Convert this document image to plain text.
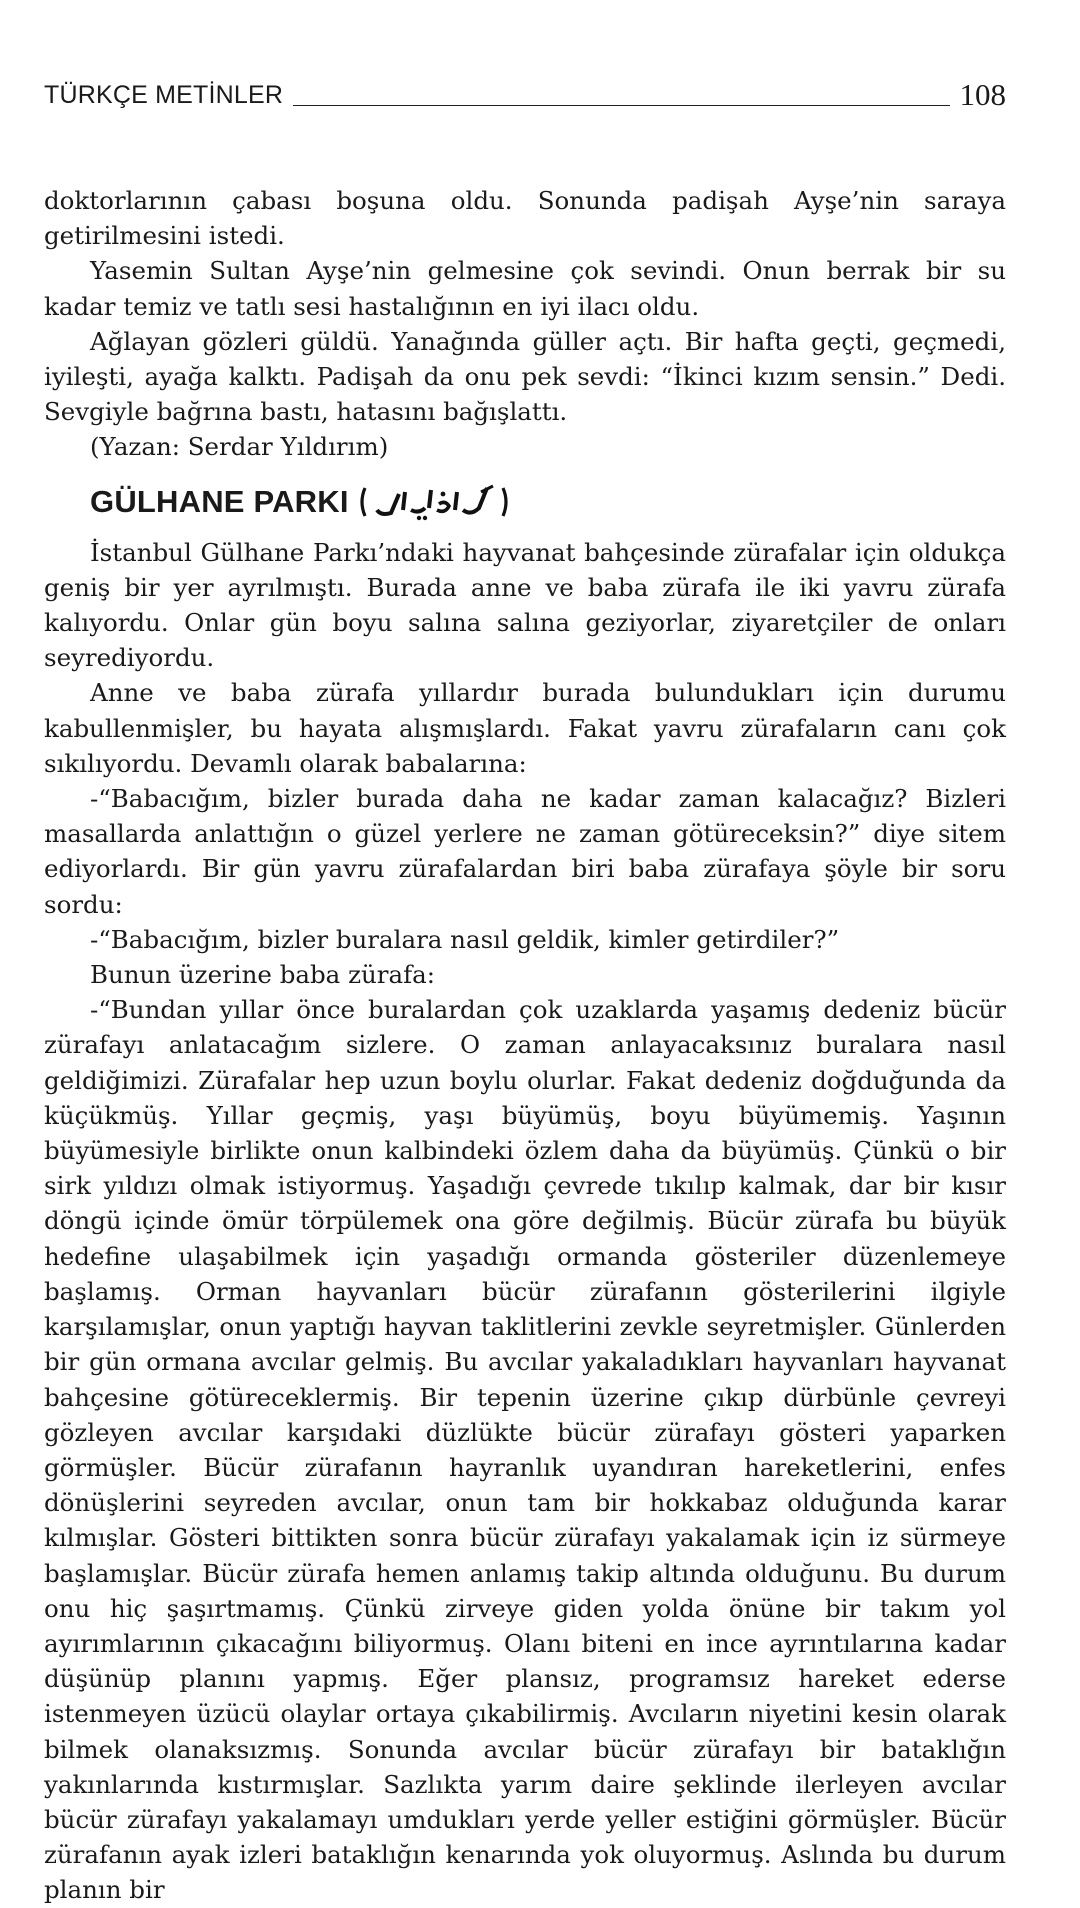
TÜRKÇE METİNLER	108

doktorlarının çabası boşuna oldu. Sonunda padişah Ayşe’nin saraya getirilmesini istedi.

Yasemin Sultan Ayşe’nin gelmesine çok sevindi. Onun berrak bir su kadar temiz ve tatlı sesi hastalığının en iyi ilacı oldu.

Ağlayan gözleri güldü. Yanağında güller açtı. Bir hafta geçti, geçmedi, iyileşti, ayağa kalktı. Padişah da onu pek sevdi: “İkinci kızım sensin.” Dedi. Sevgiyle bağrına bastı, hatasını bağışlattı.

(Yazan: Serdar Yıldırım)

GÜLHANE PARKI

İstanbul Gülhane Parkı’ndaki hayvanat bahçesinde zürafalar için oldukça geniş bir yer ayrılmıştı. Burada anne ve baba zürafa ile iki yavru zürafa kalıyordu. Onlar gün boyu salına salına geziyorlar, ziyaretçiler de onları seyrediyordu.

Anne ve baba zürafa yıllardır burada bulundukları için durumu kabullenmişler, bu hayata alışmışlardı. Fakat yavru zürafaların canı çok sıkılıyordu. Devamlı olarak babalarına:

-“Babacığım, bizler burada daha ne kadar zaman kalacağız? Bizleri masallarda anlattığın o güzel yerlere ne zaman götüreceksin?” diye sitem ediyorlardı. Bir gün yavru zürafalardan biri baba zürafaya şöyle bir soru sordu:

-“Babacığım, bizler buralara nasıl geldik, kimler getirdiler?”

Bunun üzerine baba zürafa:

-“Bundan yıllar önce buralardan çok uzaklarda yaşamış dedeniz bücür zürafayı anlatacağım sizlere. O zaman anlayacaksınız buralara nasıl geldiğimizi. Zürafalar hep uzun boylu olurlar. Fakat dedeniz doğduğunda da küçükmüş. Yıllar geçmiş, yaşı büyümüş, boyu büyümemiş. Yaşının büyümesiyle birlikte onun kalbindeki özlem daha da büyümüş. Çünkü o bir sirk yıldızı olmak istiyormuş. Yaşadığı çevrede tıkılıp kalmak, dar bir kısır döngü içinde ömür törpülemek ona göre değilmiş. Bücür zürafa bu büyük hedefine ulaşabilmek için yaşadığı ormanda gösteriler düzenlemeye başlamış. Orman hayvanları bücür zürafanın gösterilerini ilgiyle karşılamışlar, onun yaptığı hayvan taklitlerini zevkle seyretmişler. Günlerden bir gün ormana avcılar gelmiş. Bu avcılar yakaladıkları hayvanları hayvanat bahçesine götüreceklermiş. Bir tepenin üzerine çıkıp dürbünle çevreyi gözleyen avcılar karşıdaki düzlükte bücür zürafayı gösteri yaparken görmüşler. Bücür zürafanın hayranlık uyandıran hareketlerini, enfes dönüşlerini seyreden avcılar, onun tam bir hokkabaz olduğunda karar kılmışlar. Gösteri bittikten sonra bücür zürafayı yakalamak için iz sürmeye başlamışlar. Bücür zürafa hemen anlamış takip altında olduğunu. Bu durum onu hiç şaşırtmamış. Çünkü zirveye giden yolda önüne bir takım yol ayırımlarının çıkacağını biliyormuş. Olanı biteni en ince ayrıntılarına kadar düşünüp planını yapmış. Eğer plansız, programsız hareket ederse istenmeyen üzücü olaylar ortaya çıkabilirmiş. Avcıların niyetini kesin olarak bilmek olanaksızmış. Sonunda avcılar bücür zürafayı bir bataklığın yakınlarında kıstırmışlar. Sazlıkta yarım daire şeklinde ilerleyen avcılar bücür zürafayı yakalamayı umdukları yerde yeller estiğini görmüşler. Bücür zürafanın ayak izleri bataklığın kenarında yok oluyormuş. Aslında bu durum planın bir
